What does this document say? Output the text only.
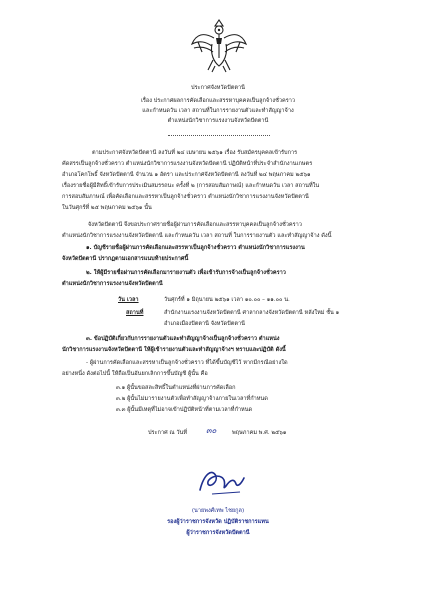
ประกาศจังหวัดปัตตานี
เรื่อง ประกาศผลการคัดเลือกและสรรหาบุคคลเป็นลูกจ้างชั่วคราว
และกำหนดวัน เวลา สถานที่ในการรายงานตัวและทำสัญญาจ้าง
ตำแหน่งนักวิชาการแรงงานจังหวัดปัตตานี
ตามประกาศจังหวัดปัตตานี ลงวันที่ ๒๔ เมษายน ๒๕๖๑ เรื่อง รับสมัครบุคคลเข้ารับการ
คัดสรรเป็นลูกจ้างชั่วคราว ตำแหน่งนักวิชาการแรงงานจังหวัดปัตตานี ปฏิบัติหน้าที่ประจำสำนักงานเกษตร
อำเภอโคกโพธิ์ จังหวัดปัตตานี จำนวน ๑ อัตรา และประกาศจังหวัดปัตตานี ลงวันที่ ๒๔ พฤษภาคม ๒๕๖๑
เรื่องรายชื่อผู้มีสิทธิ์เข้ารับการประเมินสมรรถนะ ครั้งที่ ๒ (การสอบสัมภาษณ์) และกำหนดวัน เวลา สถานที่ใน
การสอบสัมภาษณ์ เพื่อคัดเลือกและสรรหาเป็นลูกจ้างชั่วคราว ตำแหน่งนักวิชาการแรงงานจังหวัดปัตตานี
ในวันศุกร์ที่ ๒๕ พฤษภาคม ๒๕๖๑ นั้น
จังหวัดปัตตานี จึงขอประกาศรายชื่อผู้ผ่านการคัดเลือกและสรรหาบุคคลเป็นลูกจ้างชั่วคราว
ตำแหน่งนักวิชาการแรงงานจังหวัดปัตตานี และกำหนดวัน เวลา สถานที่ ในการรายงานตัว และทำสัญญาจ้าง ดังนี้
๑. บัญชีรายชื่อผู้ผ่านการคัดเลือกและสรรหาเป็นลูกจ้างชั่วคราว ตำแหน่งนักวิชาการแรงงาน
จังหวัดปัตตานี ปรากฏตามเอกสารแนบท้ายประกาศนี้
๒. ให้ผู้มีรายชื่อผ่านการคัดเลือกมารายงานตัว เพื่อเข้ารับการจ้างเป็นลูกจ้างชั่วคราว
ตำแหน่งนักวิชาการแรงงานจังหวัดปัตตานี
วัน เวลา	วันศุกร์ที่ ๑ มิถุนายน ๒๕๖๑ เวลา ๑๐.๐๐ – ๑๑.๐๐ น.
สถานที่	สำนักงานแรงงานจังหวัดปัตตานี ศาลากลางจังหวัดปัตตานี หลังใหม่ ชั้น ๑
อำเภอเมืองปัตตานี จังหวัดปัตตานี
๓. ข้อปฏิบัติเกี่ยวกับการรายงานตัวและทำสัญญาจ้างเป็นลูกจ้างชั่วคราว ตำแหน่ง
นักวิชาการแรงงานจังหวัดปัตตานี ให้ผู้เข้ารายงานตัวและทำสัญญาจ้างฯ ทราบและปฏิบัติ ดังนี้
- ผู้ผ่านการคัดเลือกและสรรหาเป็นลูกจ้างชั่วคราว ที่ได้ขึ้นบัญชีไว้ หากมีกรณีอย่างใด
อย่างหนึ่ง ดังต่อไปนี้ ให้ถือเป็นอันยกเลิกการขึ้นบัญชี ผู้นั้น คือ
๓.๑ ผู้นั้นขอสละสิทธิ์ในตำแหน่งที่ผ่านการคัดเลือก
๓.๒ ผู้นั้นไม่มารายงานตัวเพื่อทำสัญญาจ้างภายในเวลาที่กำหนด
๓.๓ ผู้นั้นมีเหตุที่ไม่อาจเข้าปฏิบัติหน้าที่ตามเวลาที่กำหนด
ประกาศ ณ วันที่ ๓๐	พฤษภาคม พ.ศ. ๒๕๖๑
(นายพงศ์เทพ ไชยกูล)
รองผู้ว่าราชการจังหวัด ปฏิบัติราชการแทน
ผู้ว่าราชการจังหวัดปัตตานี
